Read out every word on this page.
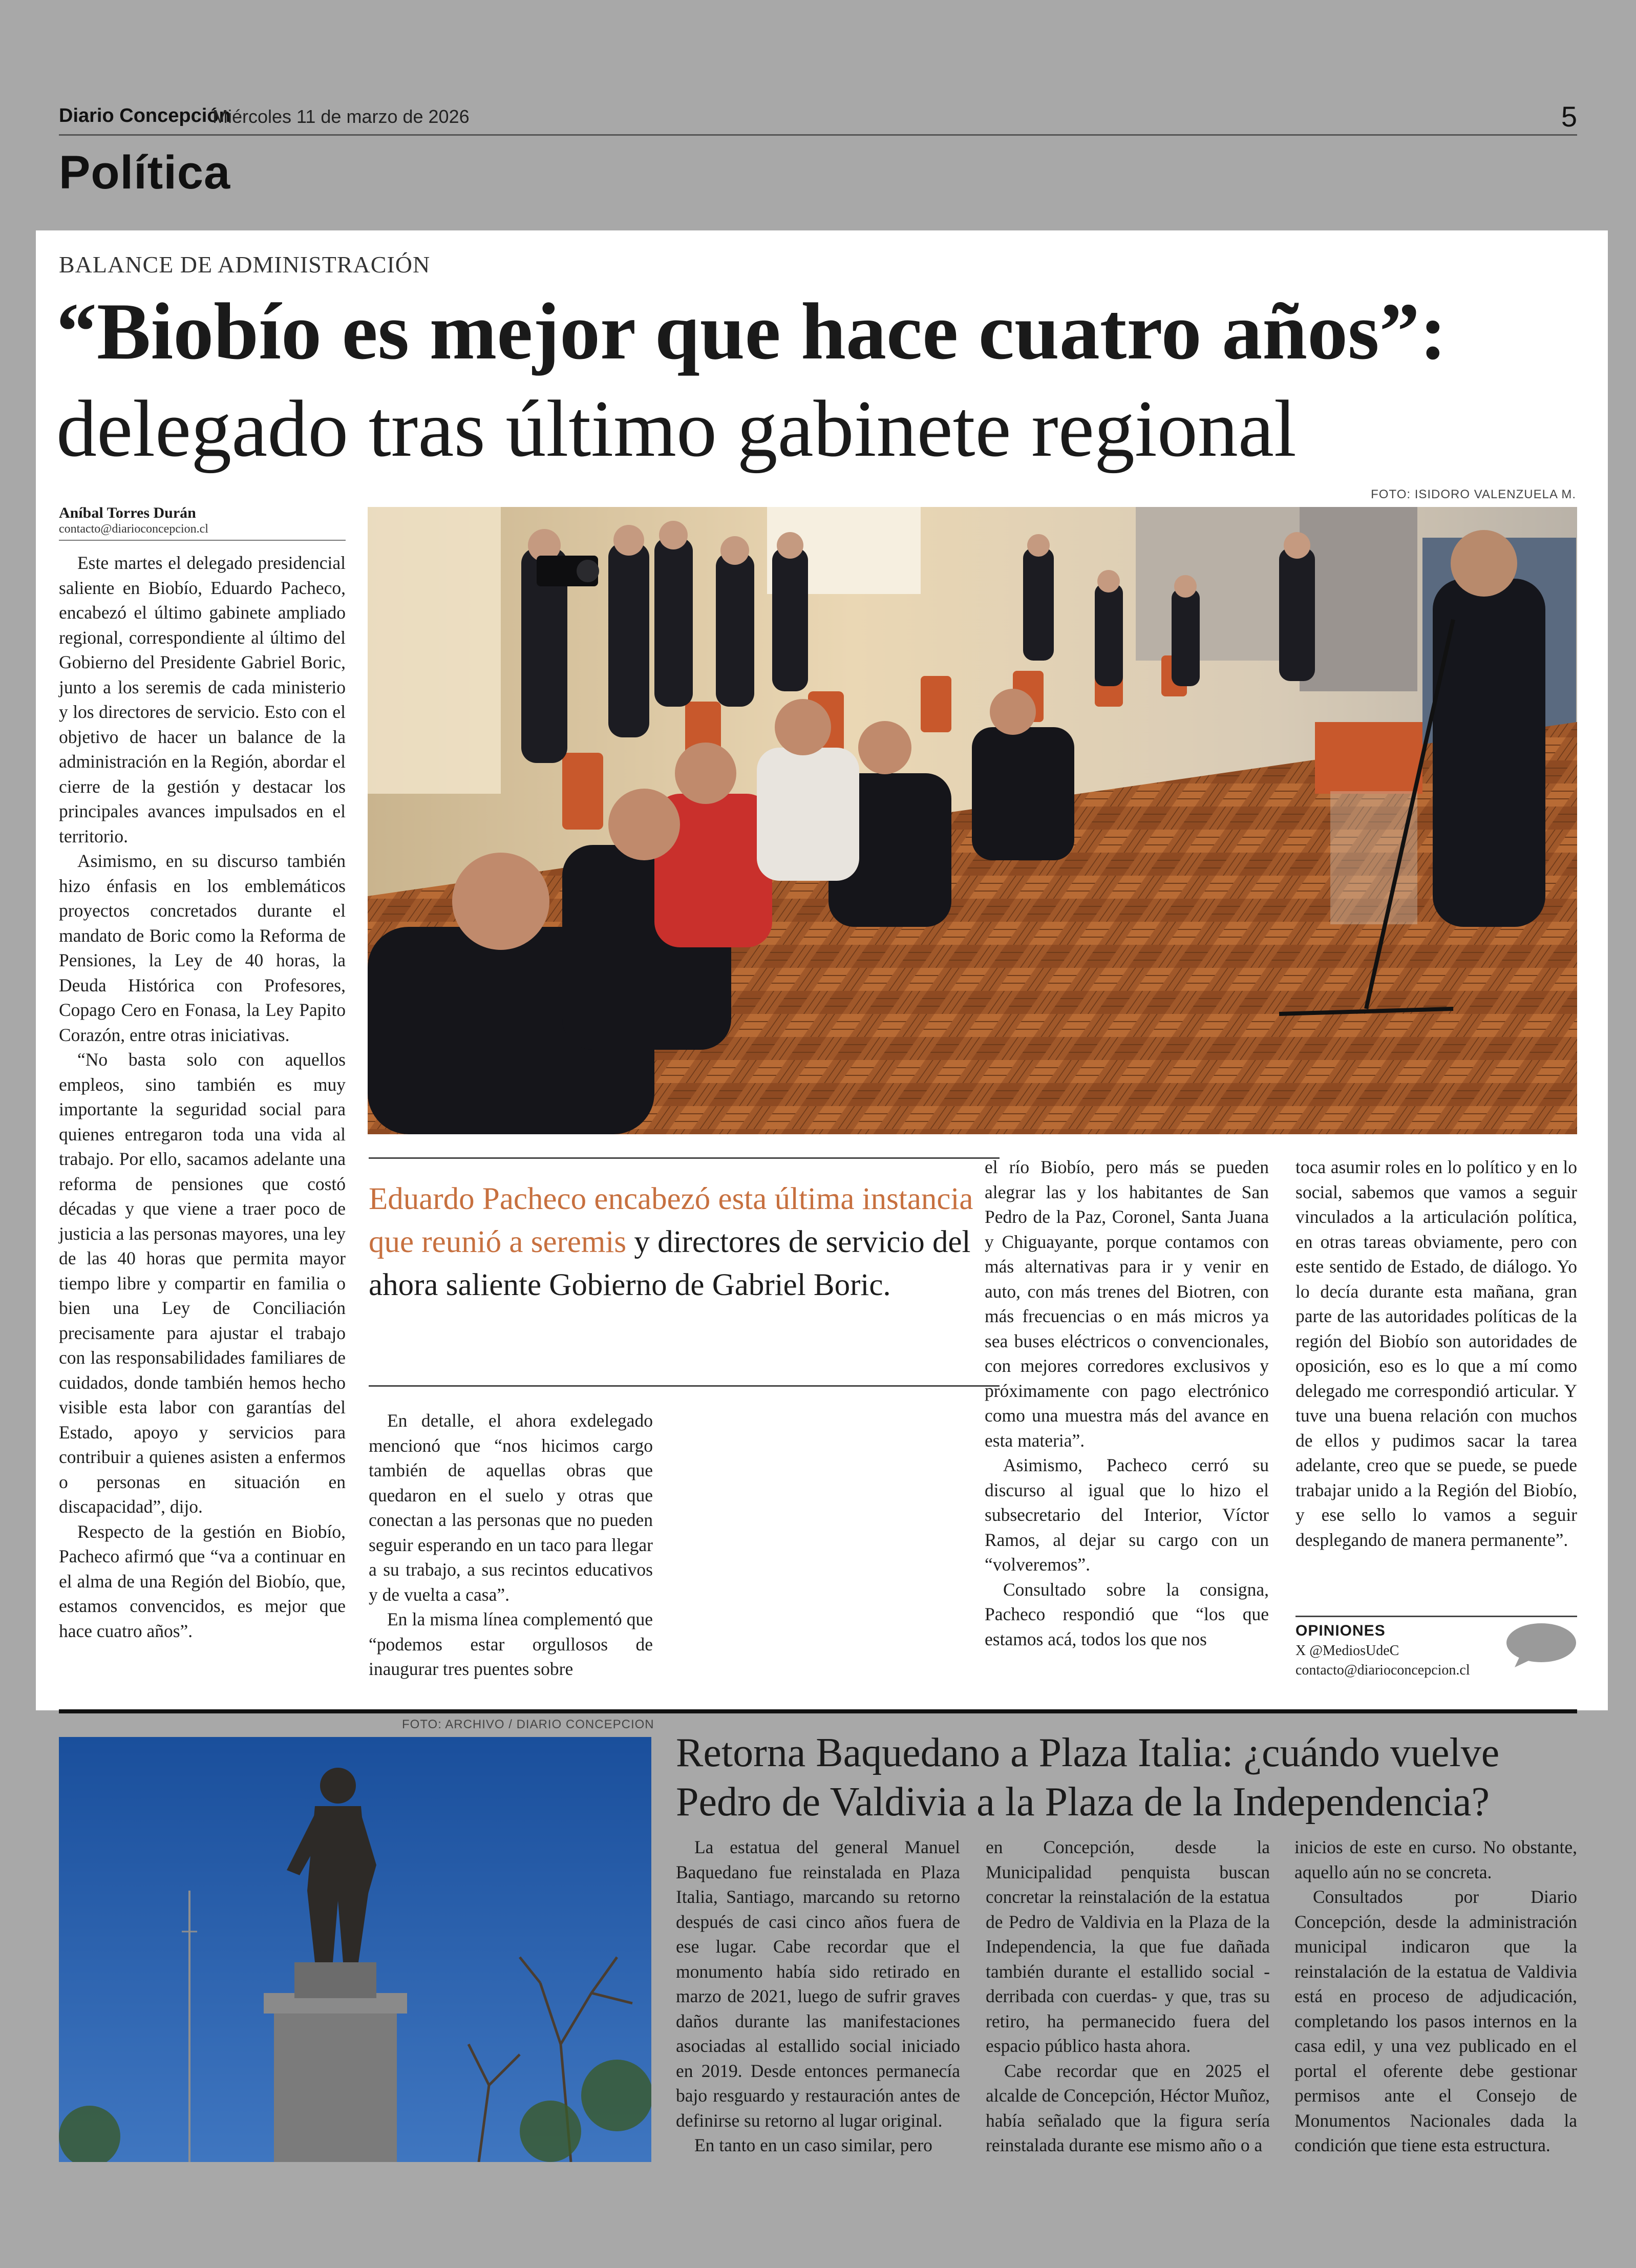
Diario Concepción
Miércoles 11 de marzo de 2026	5
Política
BALANCE DE ADMINISTRACIÓN
“Biobío es mejor que hace cuatro años”:
delegado tras último gabinete regional
FOTO: ISIDORO VALENZUELA M.
Aníbal Torres Durán
contacto@diarioconcepcion.cl

Este martes el delegado presidencial saliente en Biobío, Eduardo Pacheco, encabezó el último gabinete ampliado regional, correspondiente al último del Gobierno del Presidente Gabriel Boric, junto a los seremis de cada ministerio y los directores de servicio. Esto con el objetivo de hacer un balance de la administración en la Región, abordar el cierre de la gestión y destacar los principales avances impulsados en el territorio.

Asimismo, en su discurso también hizo énfasis en los emblemáticos proyectos concretados durante el mandato de Boric como la Reforma de Pensiones, la Ley de 40 horas, la Deuda Histórica con Profesores, Copago Cero en Fonasa, la Ley Papito Corazón, entre otras iniciativas.

“No basta solo con aquellos empleos, sino también es muy importante la seguridad social para quienes entregaron toda una vida al trabajo. Por ello, sacamos adelante una reforma de pensiones que costó décadas y que viene a traer poco de justicia a las personas mayores, una ley de las 40 horas que permita mayor tiempo libre y compartir en familia o bien una Ley de Conciliación precisamente para ajustar el trabajo con las responsabilidades familiares de cuidados, donde también hemos hecho visible esta labor con garantías del Estado, apoyo y servicios para contribuir a quienes asisten a enfermos o personas en situación en discapacidad”, dijo.

Respecto de la gestión en Biobío, Pacheco afirmó que “va a continuar en el alma de una Región del Biobío, que, estamos convencidos, es mejor que hace cuatro años”.

Eduardo Pacheco encabezó esta última instancia que reunió a seremis y directores de servicio del ahora saliente Gobierno de Gabriel Boric.

En detalle, el ahora exdelegado mencionó que “nos hicimos cargo también de aquellas obras que quedaron en el suelo y otras que conectan a las personas que no pueden seguir esperando en un taco para llegar a su trabajo, a sus recintos educativos y de vuelta a casa”.

En la misma línea complementó que “podemos estar orgullosos de inaugurar tres puentes sobre

el río Biobío, pero más se pueden alegrar las y los habitantes de San Pedro de la Paz, Coronel, Santa Juana y Chiguayante, porque contamos con más alternativas para ir y venir en auto, con más trenes del Biotren, con más frecuencias o en más micros ya sea buses eléctricos o convencionales, con mejores corredores exclusivos y próximamente con pago electrónico como una muestra más del avance en esta materia”.

Asimismo, Pacheco cerró su discurso al igual que lo hizo el subsecretario del Interior, Víctor Ramos, al dejar su cargo con un “volveremos”.

Consultado sobre la consigna, Pacheco respondió que “los que estamos acá, todos los que nos

toca asumir roles en lo político y en lo social, sabemos que vamos a seguir vinculados a la articulación política, en otras tareas obviamente, pero con este sentido de Estado, de diálogo. Yo lo decía durante esta mañana, gran parte de las autoridades políticas de la región del Biobío son autoridades de oposición, eso es lo que a mí como delegado me correspondió articular. Y tuve una buena relación con muchos de ellos y pudimos sacar la tarea adelante, creo que se puede, se puede trabajar unido a la Región del Biobío, y ese sello lo vamos a seguir desplegando de manera permanente”.

OPINIONES
X @MediosUdeC
contacto@diarioconcepcion.cl
FOTO: ARCHIVO / DIARIO CONCEPCION
Retorna Baquedano a Plaza Italia: ¿cuándo vuelve Pedro de Valdivia a la Plaza de la Independencia?

La estatua del general Manuel Baquedano fue reinstalada en Plaza Italia, Santiago, marcando su retorno después de casi cinco años fuera de ese lugar. Cabe recordar que el monumento había sido retirado en marzo de 2021, luego de sufrir graves daños durante las manifestaciones asociadas al estallido social iniciado en 2019. Desde entonces permanecía bajo resguardo y restauración antes de definirse su retorno al lugar original.

En tanto en un caso similar, pero

en Concepción, desde la Municipalidad penquista buscan concretar la reinstalación de la estatua de Pedro de Valdivia en la Plaza de la Independencia, la que fue dañada también durante el estallido social -derribada con cuerdas- y que, tras su retiro, ha permanecido fuera del espacio público hasta ahora.

Cabe recordar que en 2025 el alcalde de Concepción, Héctor Muñoz, había señalado que la figura sería reinstalada durante ese mismo año o a

inicios de este en curso. No obstante, aquello aún no se concreta.

Consultados por Diario Concepción, desde la administración municipal indicaron que la reinstalación de la estatua de Valdivia está en proceso de adjudicación, completando los pasos internos en la casa edil, y una vez publicado en el portal el oferente debe gestionar permisos ante el Consejo de Monumentos Nacionales dada la condición que tiene esta estructura.
